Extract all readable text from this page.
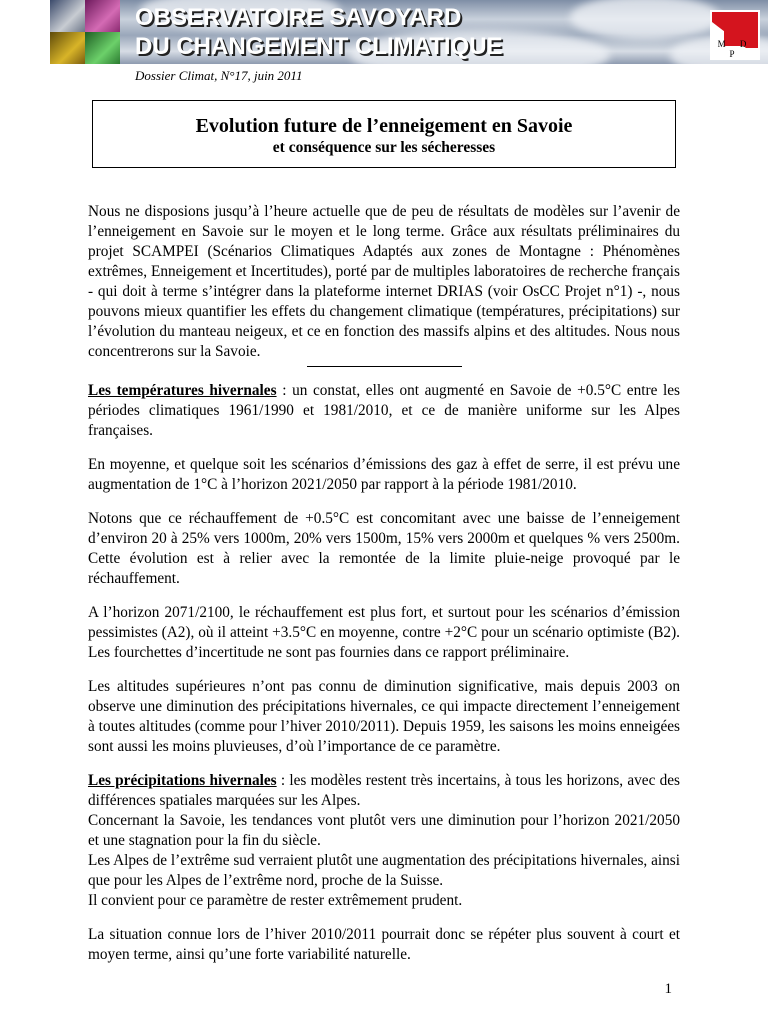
OBSERVATOIRE SAVOYARD
DU CHANGEMENT CLIMATIQUE	M D P
Dossier Climat, N°17, juin 2011
Evolution future de l’enneigement en Savoie
et conséquence sur les sécheresses

Nous ne disposions jusqu’à l’heure actuelle que de peu de résultats de modèles sur l’avenir de l’enneigement en Savoie sur le moyen et le long terme. Grâce aux résultats préliminaires du projet SCAMPEI (Scénarios Climatiques Adaptés aux zones de Montagne : Phénomènes extrêmes, Enneigement et Incertitudes), porté par de multiples laboratoires de recherche français - qui doit à terme s’intégrer dans la plateforme internet DRIAS (voir OsCC Projet n°1) -, nous pouvons mieux quantifier les effets du changement climatique (températures, précipitations) sur l’évolution du manteau neigeux, et ce en fonction des massifs alpins et des altitudes. Nous nous concentrerons sur la Savoie.

Les températures hivernales : un constat, elles ont augmenté en Savoie de +0.5°C entre les périodes climatiques 1961/1990 et 1981/2010, et ce de manière uniforme sur les Alpes françaises.

En moyenne, et quelque soit les scénarios d’émissions des gaz à effet de serre, il est prévu une augmentation de 1°C à l’horizon 2021/2050 par rapport à la période 1981/2010.

Notons que ce réchauffement de +0.5°C est concomitant avec une baisse de l’enneigement d’environ 20 à 25% vers 1000m, 20% vers 1500m, 15% vers 2000m et quelques % vers 2500m. Cette évolution est à relier avec la remontée de la limite pluie-neige provoqué par le réchauffement.

A l’horizon 2071/2100, le réchauffement est plus fort, et surtout pour les scénarios d’émission pessimistes (A2), où il atteint +3.5°C en moyenne, contre +2°C pour un scénario optimiste (B2). Les fourchettes d’incertitude ne sont pas fournies dans ce rapport préliminaire.

Les altitudes supérieures n’ont pas connu de diminution significative, mais depuis 2003 on observe une diminution des précipitations hivernales, ce qui impacte directement l’enneigement à toutes altitudes (comme pour l’hiver 2010/2011). Depuis 1959, les saisons les moins enneigées sont aussi les moins pluvieuses, d’où l’importance de ce paramètre.

Les précipitations hivernales : les modèles restent très incertains, à tous les horizons, avec des différences spatiales marquées sur les Alpes.
Concernant la Savoie, les tendances vont plutôt vers une diminution pour l’horizon 2021/2050 et une stagnation pour la fin du siècle.
Les Alpes de l’extrême sud verraient plutôt une augmentation des précipitations hivernales, ainsi que pour les Alpes de l’extrême nord, proche de la Suisse.
Il convient pour ce paramètre de rester extrêmement prudent.

La situation connue lors de l’hiver 2010/2011 pourrait donc se répéter plus souvent à court et moyen terme, ainsi qu’une forte variabilité naturelle.

1
